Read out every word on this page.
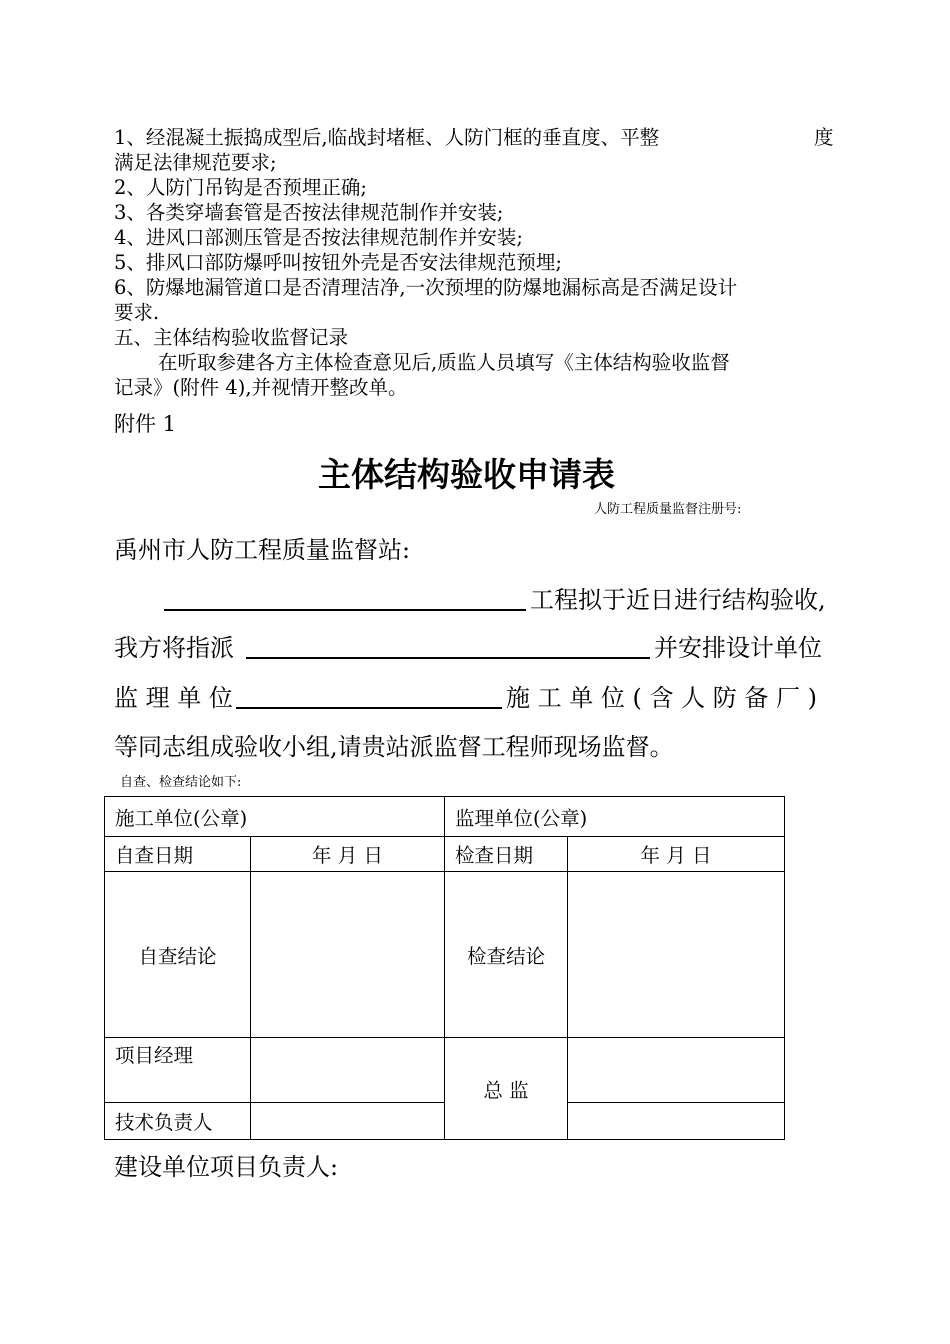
1、经混凝土振捣成型后,临战封堵框、人防门框的垂直度、平整	度
满足法律规范要求;
2、人防门吊钩是否预埋正确;
3、各类穿墙套管是否按法律规范制作并安装;
4、进风口部测压管是否按法律规范制作并安装;
5、排风口部防爆呼叫按钮外壳是否安法律规范预埋;
6、防爆地漏管道口是否清理洁净,一次预埋的防爆地漏标高是否满足设计
要求.
五、主体结构验收监督记录
在听取参建各方主体检查意见后,质监人员填写《主体结构验收监督
记录》(附件 4),并视情开整改单。
附件 1
主体结构验收申请表
人防工程质量监督注册号:
禹州市人防工程质量监督站:
工程拟于近日进行结构验收,
我方将指派	并安排设计单位
监 理 单 位	施 工 单 位 ( 含 人 防 备 厂 )
等同志组成验收小组,请贵站派监督工程师现场监督。
自查、检查结论如下:
施工单位(公章)		监理单位(公章)	
自查日期	年 月 日	检查日期	年 月 日
自查结论		检查结论	
项目经理		总 监	
技术负责人			
建设单位项目负责人:
